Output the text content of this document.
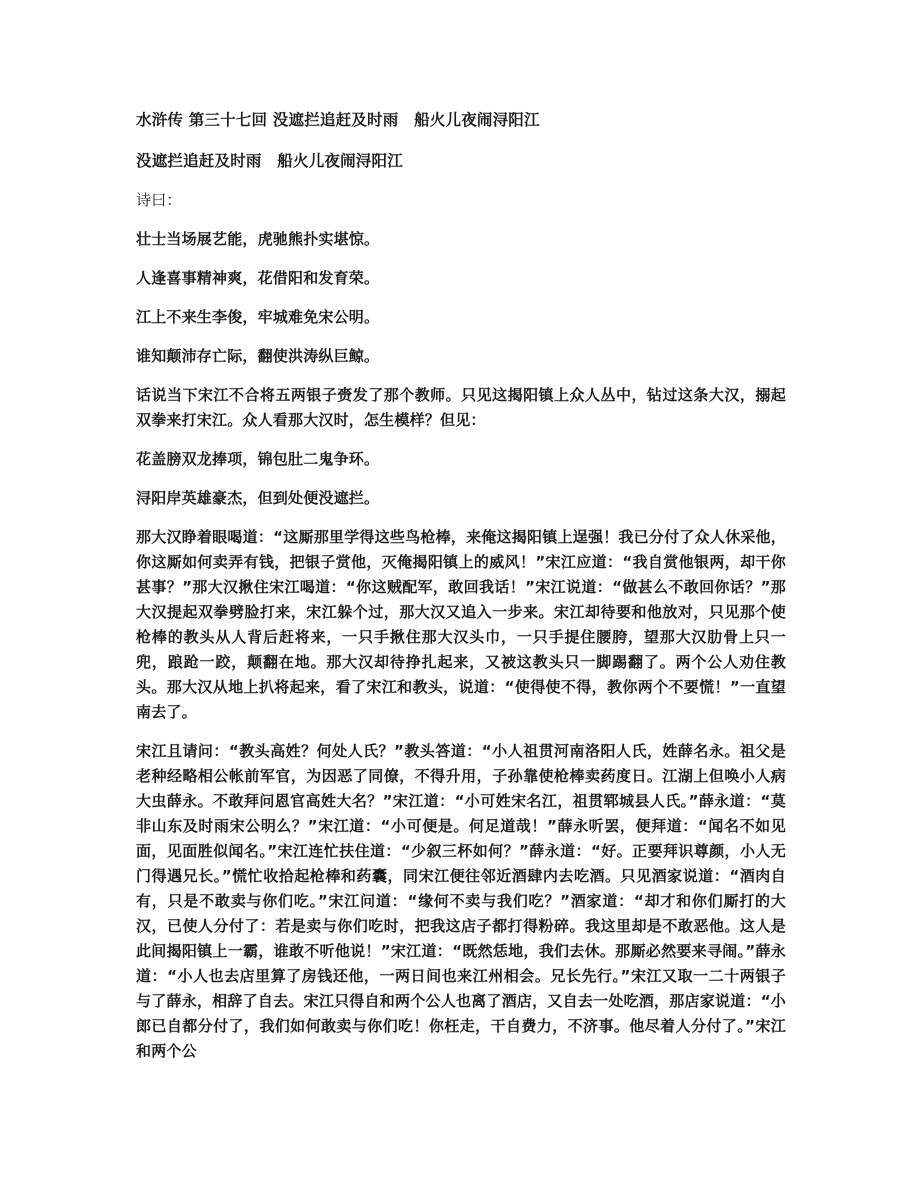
水浒传 第三十七回 没遮拦追赶及时雨　船火儿夜闹浔阳江

没遮拦追赶及时雨　船火儿夜闹浔阳江

诗曰：

壮士当场展艺能，虎驰熊扑实堪惊。

人逢喜事精神爽，花借阳和发育荣。

江上不来生李俊，牢城难免宋公明。

谁知颠沛存亡际，翻使洪涛纵巨鲸。

话说当下宋江不合将五两银子赍发了那个教师。只见这揭阳镇上众人丛中，钻过这条大汉，搦起双拳来打宋江。众人看那大汉时，怎生模样？但见：

花盖膀双龙捧项，锦包肚二鬼争环。

浔阳岸英雄豪杰，但到处便没遮拦。

那大汉睁着眼喝道：“这厮那里学得这些鸟枪棒，来俺这揭阳镇上逞强！我已分付了众人休采他，你这厮如何卖弄有钱，把银子赏他，灭俺揭阳镇上的威风！”宋江应道：“我自赏他银两，却干你甚事？”那大汉揪住宋江喝道：“你这贼配军，敢回我话！”宋江说道：“做甚么不敢回你话？”那大汉提起双拳劈脸打来，宋江躲个过，那大汉又追入一步来。宋江却待要和他放对，只见那个使枪棒的教头从人背后赶将来，一只手揪住那大汉头巾，一只手提住腰胯，望那大汉肋骨上只一兜，踉跄一跤，颠翻在地。那大汉却待挣扎起来，又被这教头只一脚踢翻了。两个公人劝住教头。那大汉从地上扒将起来，看了宋江和教头，说道：“使得使不得，教你两个不要慌！”一直望南去了。

宋江且请问：“教头高姓？何处人氏？”教头答道：“小人祖贯河南洛阳人氏，姓薛名永。祖父是老种经略相公帐前军官，为因恶了同僚，不得升用，子孙靠使枪棒卖药度日。江湖上但唤小人病大虫薛永。不敢拜问恩官高姓大名？”宋江道：“小可姓宋名江，祖贯郓城县人氏。”薛永道：“莫非山东及时雨宋公明么？”宋江道：“小可便是。何足道哉！”薛永听罢，便拜道：“闻名不如见面，见面胜似闻名。”宋江连忙扶住道：“少叙三杯如何？”薛永道：“好。正要拜识尊颜，小人无门得遇兄长。”慌忙收拾起枪棒和药囊，同宋江便往邻近酒肆内去吃酒。只见酒家说道：“酒肉自有，只是不敢卖与你们吃。”宋江问道：“缘何不卖与我们吃？”酒家道：“却才和你们厮打的大汉，已使人分付了：若是卖与你们吃时，把我这店子都打得粉碎。我这里却是不敢恶他。这人是此间揭阳镇上一霸，谁敢不听他说！”宋江道：“既然恁地，我们去休。那厮必然要来寻闹。”薛永道：“小人也去店里算了房钱还他，一两日间也来江州相会。兄长先行。”宋江又取一二十两银子与了薛永，相辞了自去。宋江只得自和两个公人也离了酒店，又自去一处吃酒，那店家说道：“小郎已自都分付了，我们如何敢卖与你们吃！你枉走，干自费力，不济事。他尽着人分付了。”宋江和两个公
